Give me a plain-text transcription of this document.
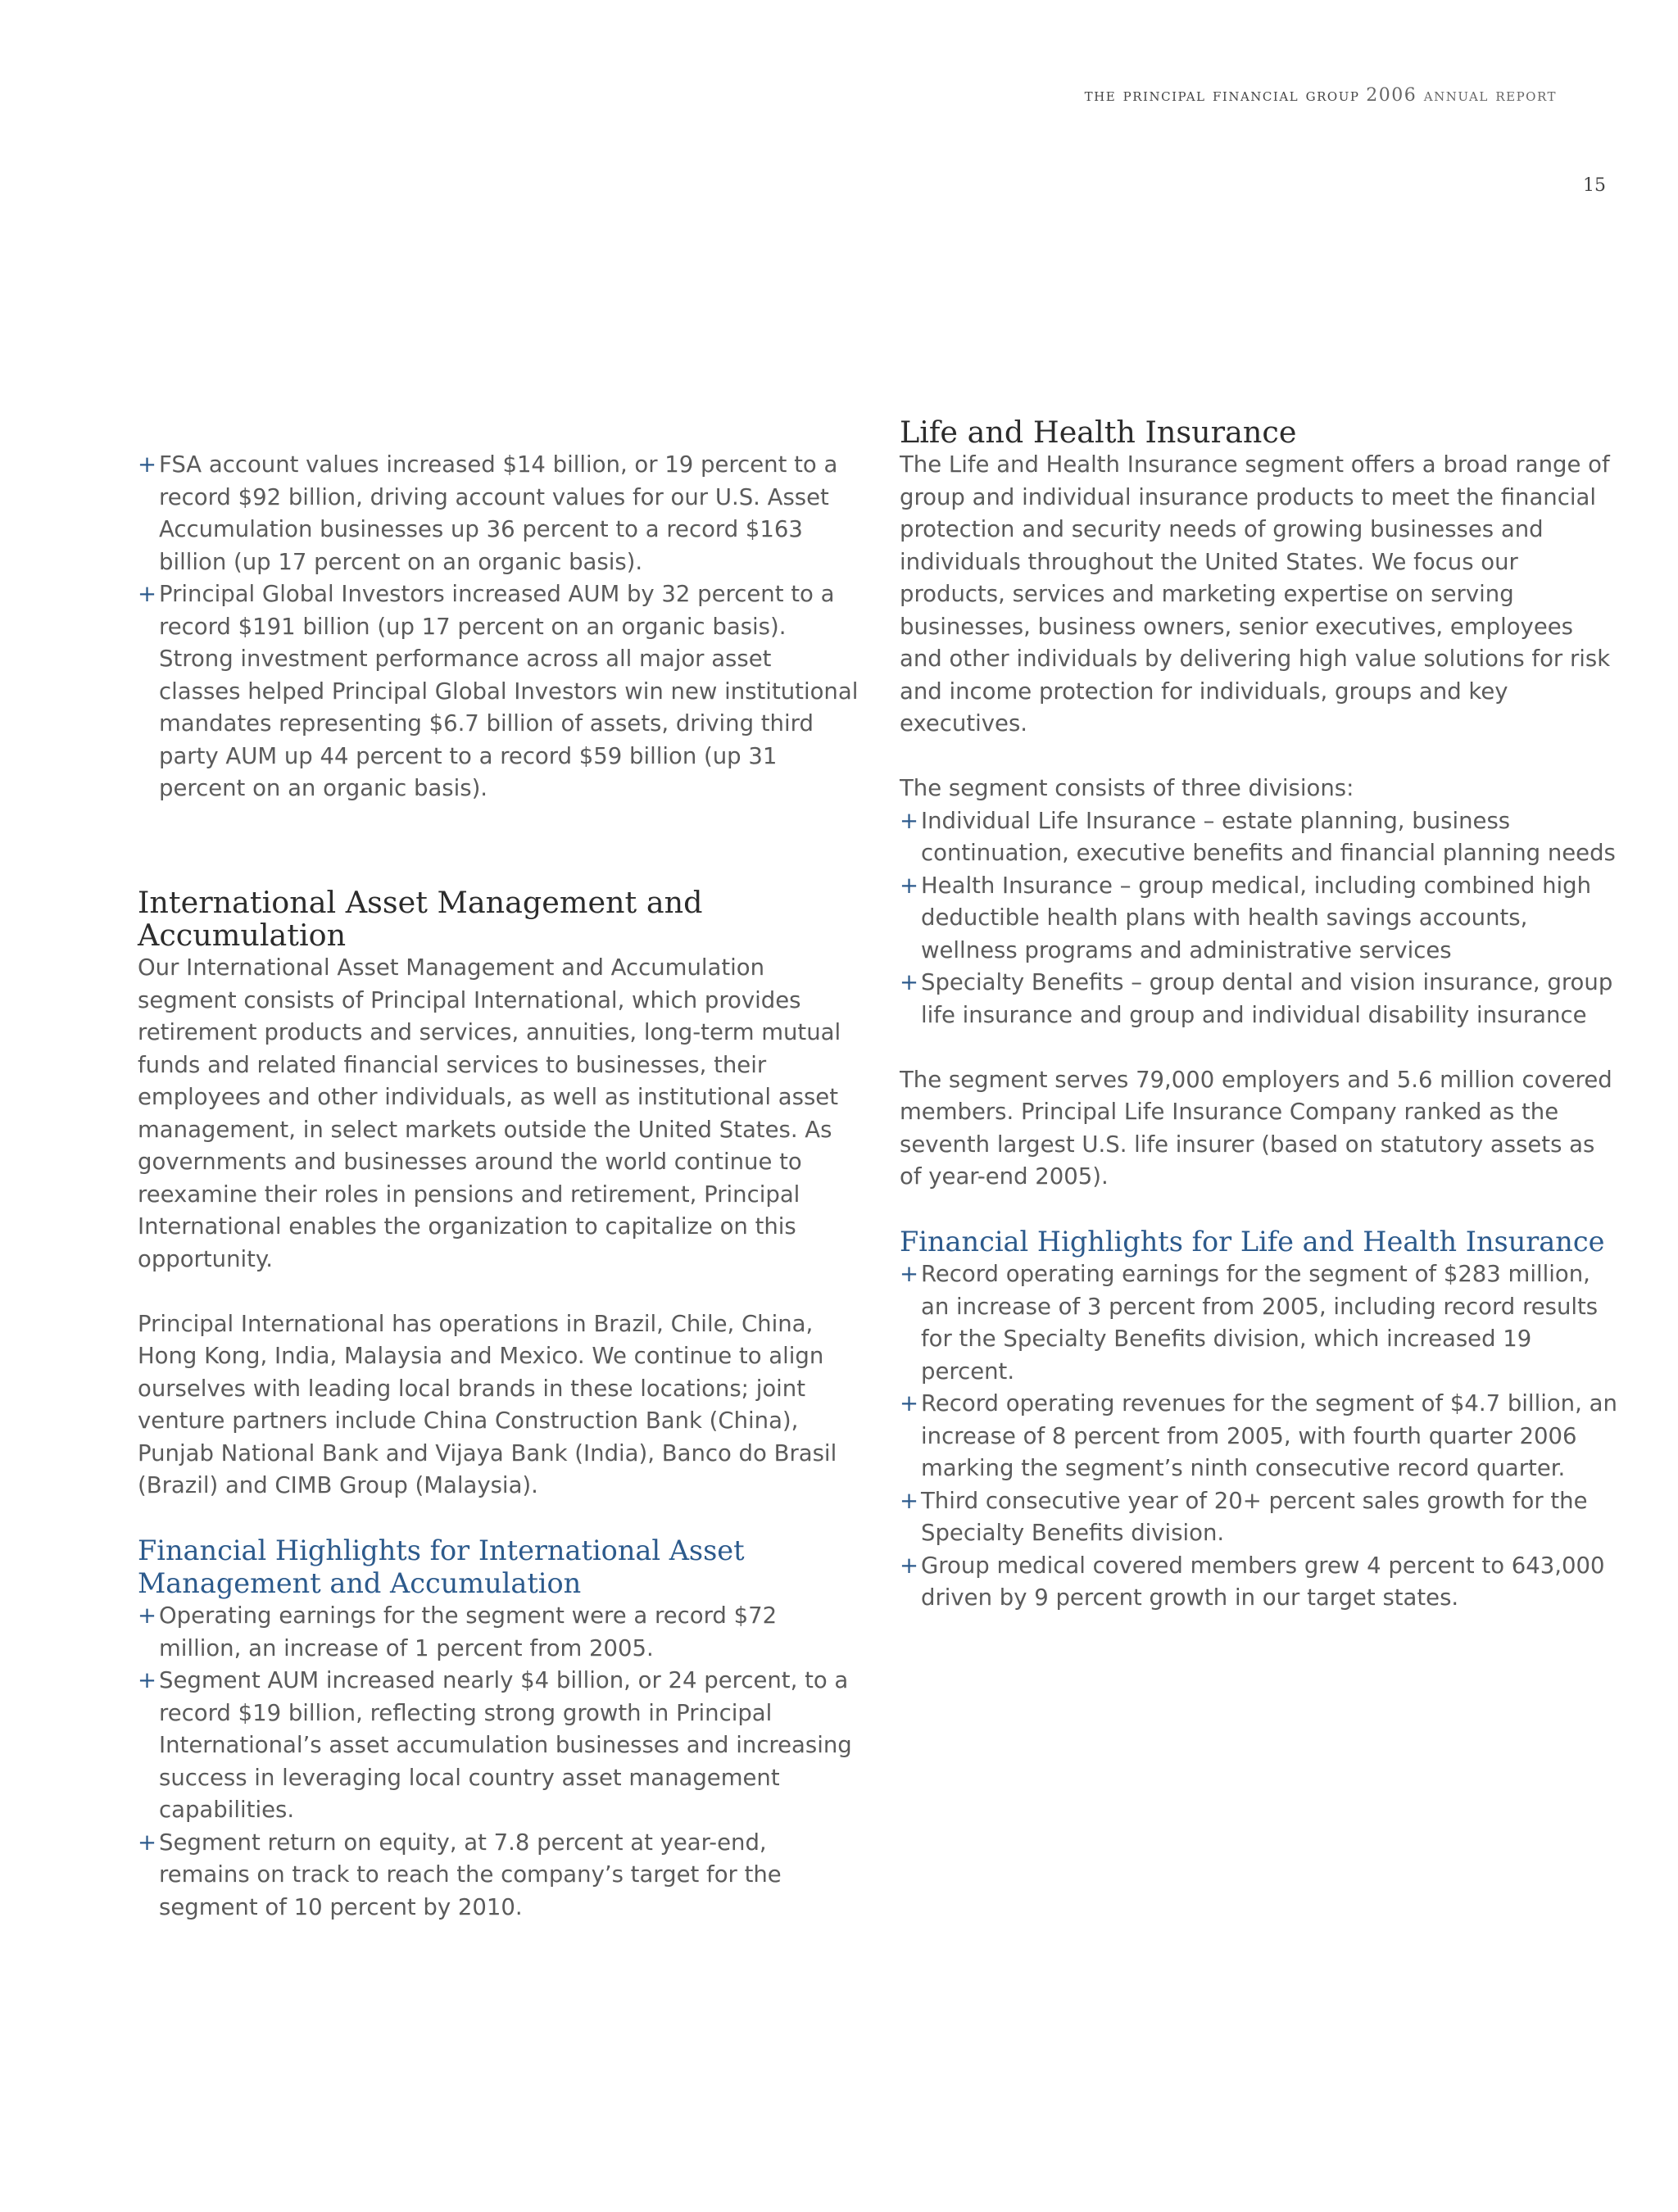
the principal financial group 2006 annual report
15
+ FSA account values increased $14 billion, or 19 percent to a record $92 billion, driving account values for our U.S. Asset Accumulation businesses up 36 percent to a record $163 billion (up 17 percent on an organic basis).
+ Principal Global Investors increased AUM by 32 percent to a record $191 billion (up 17 percent on an organic basis). Strong investment performance across all major asset classes helped Principal Global Investors win new institutional mandates representing $6.7 billion of assets, driving third party AUM up 44 percent to a record $59 billion (up 31 percent on an organic basis).
International Asset Management and Accumulation

Our International Asset Management and Accumulation segment consists of Principal International, which provides retirement products and services, annuities, long-term mutual funds and related financial services to businesses, their employees and other individuals, as well as institutional asset management, in select markets outside the United States. As governments and businesses around the world continue to reexamine their roles in pensions and retirement, Principal International enables the organization to capitalize on this opportunity.

Principal International has operations in Brazil, Chile, China, Hong Kong, India, Malaysia and Mexico. We continue to align ourselves with leading local brands in these locations; joint venture partners include China Construction Bank (China), Punjab National Bank and Vijaya Bank (India), Banco do Brasil (Brazil) and CIMB Group (Malaysia).

Financial Highlights for International Asset Management and Accumulation
+ Operating earnings for the segment were a record $72 million, an increase of 1 percent from 2005.
+ Segment AUM increased nearly $4 billion, or 24 percent, to a record $19 billion, reflecting strong growth in Principal International’s asset accumulation businesses and increasing success in leveraging local country asset management capabilities.
+ Segment return on equity, at 7.8 percent at year-end, remains on track to reach the company’s target for the segment of 10 percent by 2010.
Life and Health Insurance

The Life and Health Insurance segment offers a broad range of group and individual insurance products to meet the financial protection and security needs of growing businesses and individuals throughout the United States. We focus our products, services and marketing expertise on serving businesses, business owners, senior executives, employees and other individuals by delivering high value solutions for risk and income protection for individuals, groups and key executives.

The segment consists of three divisions:

+ Individual Life Insurance – estate planning, business continuation, executive benefits and financial planning needs
+ Health Insurance – group medical, including combined high deductible health plans with health savings accounts, wellness programs and administrative services
+ Specialty Benefits – group dental and vision insurance, group life insurance and group and individual disability insurance

The segment serves 79,000 employers and 5.6 million covered members. Principal Life Insurance Company ranked as the seventh largest U.S. life insurer (based on statutory assets as of year-end 2005).

Financial Highlights for Life and Health Insurance
+ Record operating earnings for the segment of $283 million, an increase of 3 percent from 2005, including record results for the Specialty Benefits division, which increased 19 percent.
+ Record operating revenues for the segment of $4.7 billion, an increase of 8 percent from 2005, with fourth quarter 2006 marking the segment’s ninth consecutive record quarter.
+ Third consecutive year of 20+ percent sales growth for the Specialty Benefits division.
+ Group medical covered members grew 4 percent to 643,000 driven by 9 percent growth in our target states.
